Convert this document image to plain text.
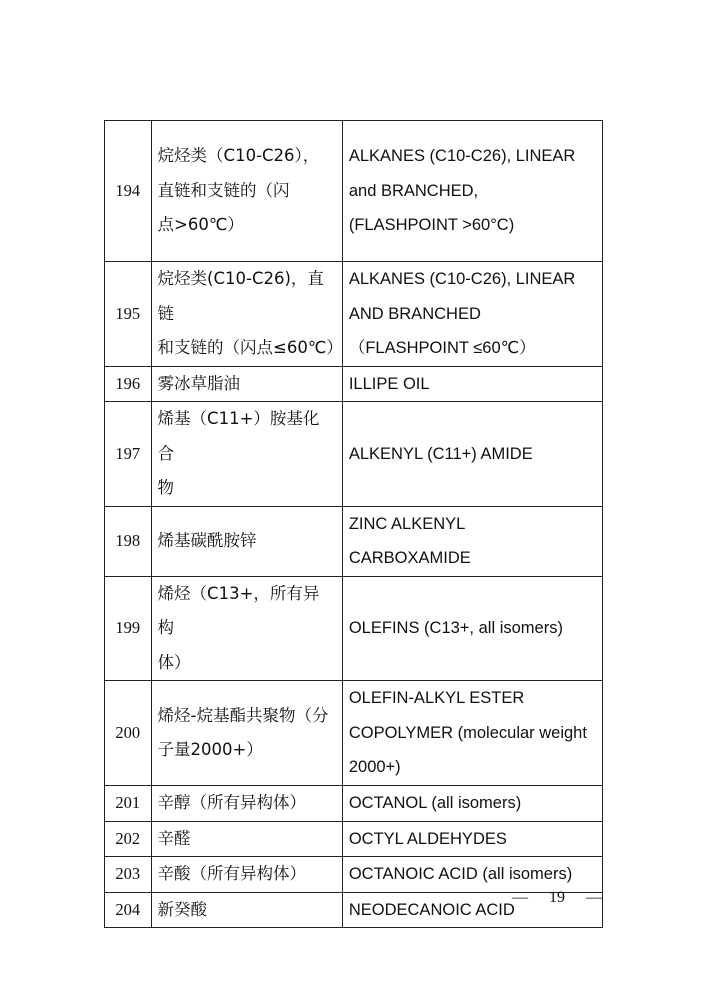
194	烷烃类（C10-C26），
直链和支链的（闪
点>60℃）	ALKANES (C10-C26), LINEAR
and BRANCHED,
(FLASHPOINT >60°C)
195	烷烃类(C10-C26)，直链
和支链的（闪点≤60℃）	ALKANES (C10-C26), LINEAR
AND BRANCHED
（FLASHPOINT ≤60℃）
196	雾冰草脂油	ILLIPE OIL
197	烯基（C11+）胺基化合
物	ALKENYL (C11+) AMIDE
198	烯基碳酰胺锌	ZINC ALKENYL
CARBOXAMIDE
199	烯烃（C13+，所有异构
体）	OLEFINS (C13+, all isomers)
200	烯烃-烷基酯共聚物（分
子量2000+）	OLEFIN-ALKYL ESTER
COPOLYMER (molecular weight
2000+)
201	辛醇（所有异构体）	OCTANOL (all isomers)
202	辛醛	OCTYL ALDEHYDES
203	辛酸（所有异构体）	OCTANOIC ACID (all isomers)
204	新癸酸	NEODECANOIC ACID
— 19 —
